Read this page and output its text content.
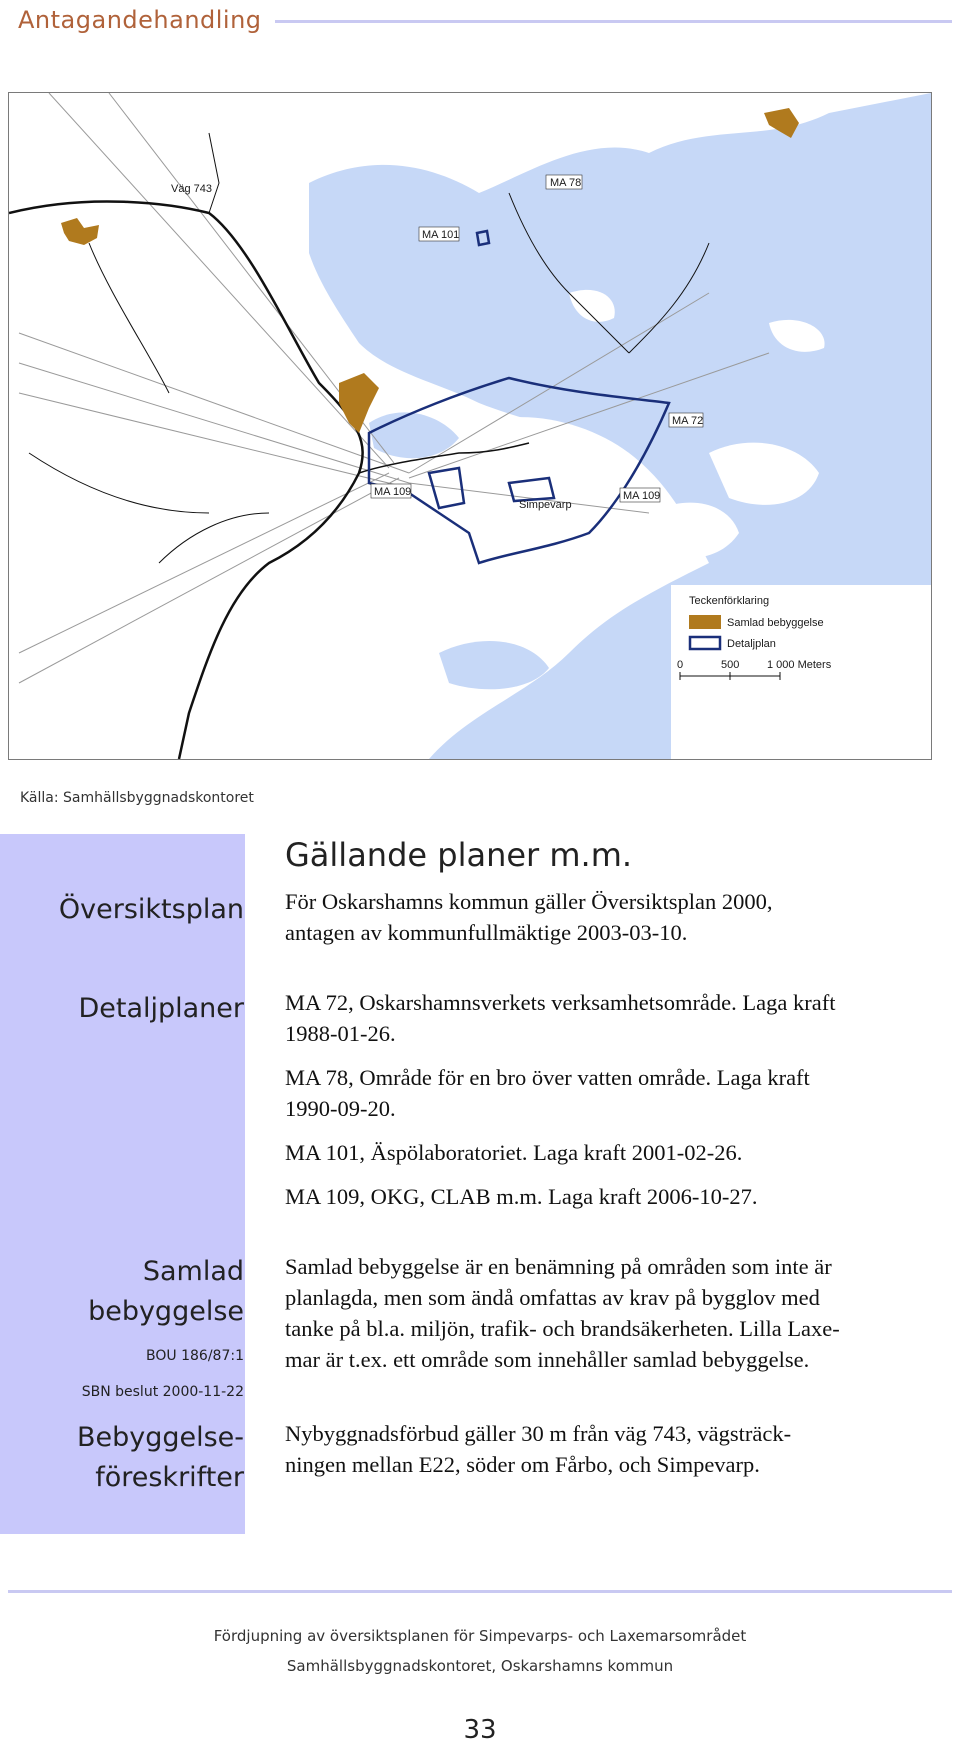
Antagandehandling
MA 78
MA 101
MA 72
MA 109	MA 109
Simpevarp
Väg 743
Teckenförklaring
Samlad bebyggelse
Detaljplan
0	500	1 000 Meters
Källa: Samhällsbyggnadskontoret
Översiktsplan
Detaljplaner
Samlad
bebyggelse
BOU 186/87:1
SBN beslut 2000-11-22
Bebyggelse-
föreskrifter
Gällande planer m.m.

För Oskarshamns kommun gäller Översiktsplan 2000,

antagen av kommunfullmäktige 2003-03-10.

MA 72, Oskarshamnsverkets verksamhetsområde. Laga kraft

1988-01-26.

MA 78, Område för en bro över vatten område. Laga kraft

1990-09-20.

MA 101, Äspölaboratoriet. Laga kraft 2001-02-26.

MA 109, OKG, CLAB m.m. Laga kraft 2006-10-27.

Samlad bebyggelse är en benämning på områden som inte är

planlagda, men som ändå omfattas av krav på bygglov med

tanke på bl.a. miljön, trafik- och brandsäkerheten. Lilla Laxe-

mar är t.ex. ett område som innehåller samlad bebyggelse.

Nybyggnadsförbud gäller 30 m från väg 743, vägsträck-

ningen mellan E22, söder om Fårbo, och Simpevarp.

Fördjupning av översiktsplanen för Simpevarps- och Laxemarsområdet
Samhällsbyggnadskontoret, Oskarshamns kommun
33
